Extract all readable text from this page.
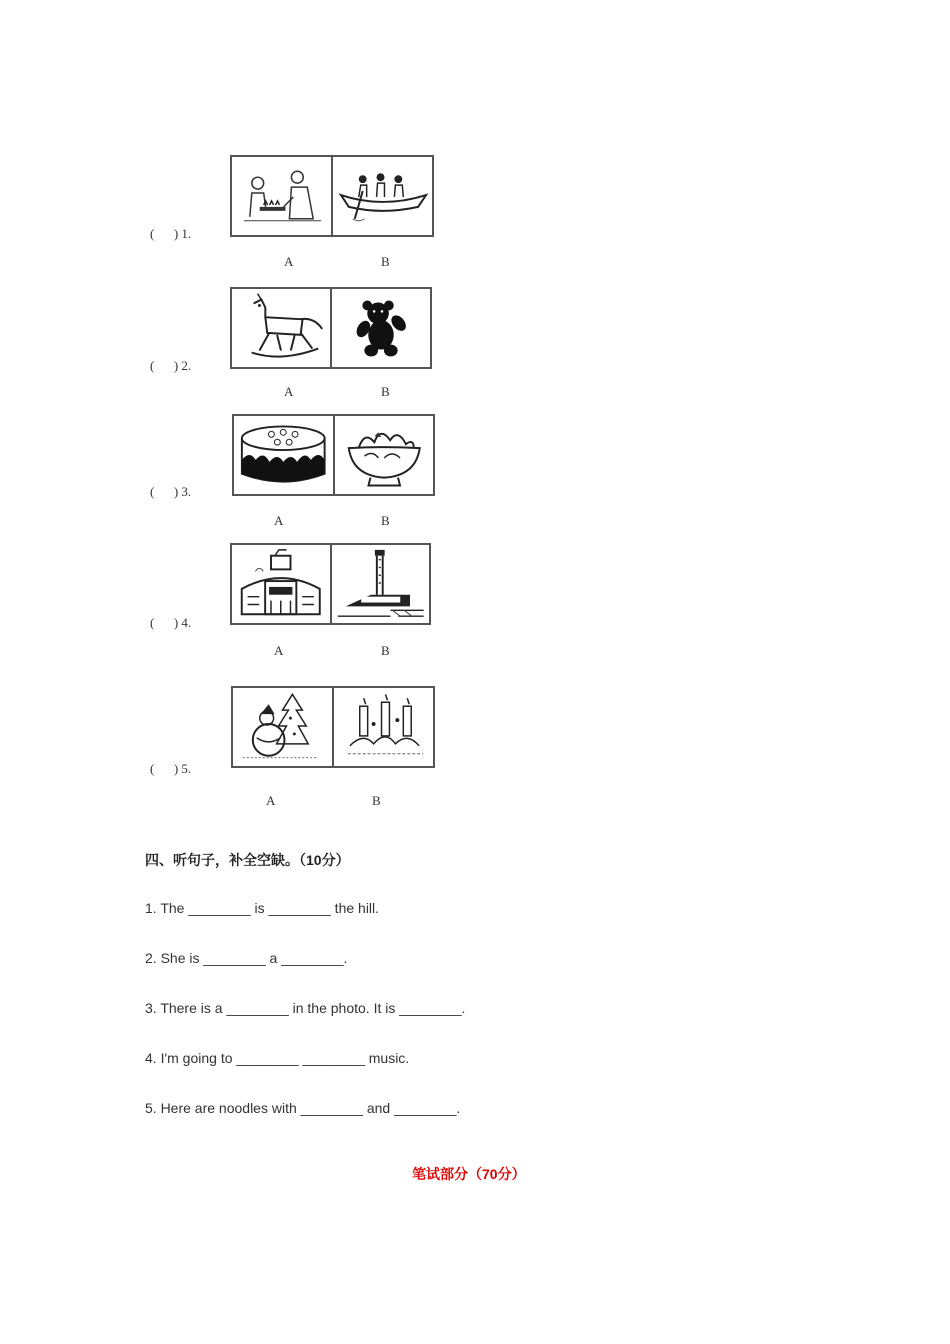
(      ) 1.
A	B
(      ) 2.
A	B
(      ) 3.
A	B
(      ) 4.
A	B
(      ) 5.
A	B
四、听句子，补全空缺。（10分）
1. The ________ is ________ the hill.
2. She is ________ a ________.
3. There is a ________ in the photo. It is ________.
4. I'm going to ________ ________ music.
5. Here are noodles with ________ and ________.
笔试部分（70分）
